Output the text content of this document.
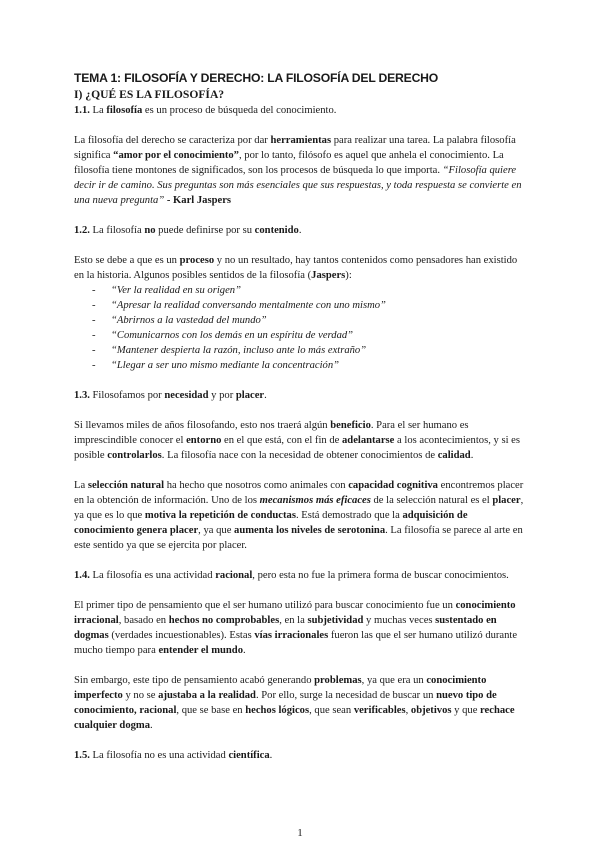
TEMA 1: FILOSOFÍA Y DERECHO: LA FILOSOFÍA DEL DERECHO
I) ¿QUÉ ES LA FILOSOFÍA?

1.1. La filosofía es un proceso de búsqueda del conocimiento.

La filosofía del derecho se caracteriza por dar herramientas para realizar una tarea. La palabra filosofía significa “amor por el conocimiento”, por lo tanto, filósofo es aquel que anhela el conocimiento. La filosofía tiene montones de significados, son los procesos de búsqueda lo que importa. “Filosofía quiere decir ir de camino. Sus preguntas son más esenciales que sus respuestas, y toda respuesta se convierte en una nueva pregunta” - Karl Jaspers

1.2. La filosofía no puede definirse por su contenido.

Esto se debe a que es un proceso y no un resultado, hay tantos contenidos como pensadores han existido en la historia. Algunos posibles sentidos de la filosofía (Jaspers):

- “Ver la realidad en su origen”
- “Apresar la realidad conversando mentalmente con uno mismo”
- “Abrirnos a la vastedad del mundo”
- “Comunicarnos con los demás en un espíritu de verdad”
- “Mantener despierta la razón, incluso ante lo más extraño”
- “Llegar a ser uno mismo mediante la concentración”

1.3. Filosofamos por necesidad y por placer.

Si llevamos miles de años filosofando, esto nos traerá algún beneficio. Para el ser humano es imprescindible conocer el entorno en el que está, con el fin de adelantarse a los acontecimientos, y si es posible controlarlos. La filosofía nace con la necesidad de obtener conocimientos de calidad.

La selección natural ha hecho que nosotros como animales con capacidad cognitiva encontremos placer en la obtención de información. Uno de los mecanismos más eficaces de la selección natural es el placer, ya que es lo que motiva la repetición de conductas. Está demostrado que la adquisición de conocimiento genera placer, ya que aumenta los niveles de serotonina. La filosofía se parece al arte en este sentido ya que se ejercita por placer.

1.4. La filosofía es una actividad racional, pero esta no fue la primera forma de buscar conocimientos.

El primer tipo de pensamiento que el ser humano utilizó para buscar conocimiento fue un conocimiento irracional, basado en hechos no comprobables, en la subjetividad y muchas veces sustentado en dogmas (verdades incuestionables). Estas vías irracionales fueron las que el ser humano utilizó durante mucho tiempo para entender el mundo.

Sin embargo, este tipo de pensamiento acabó generando problemas, ya que era un conocimiento imperfecto y no se ajustaba a la realidad. Por ello, surge la necesidad de buscar un nuevo tipo de conocimiento, racional, que se base en hechos lógicos, que sean verificables, objetivos y que rechace cualquier dogma.

1.5. La filosofía no es una actividad científica.

1
